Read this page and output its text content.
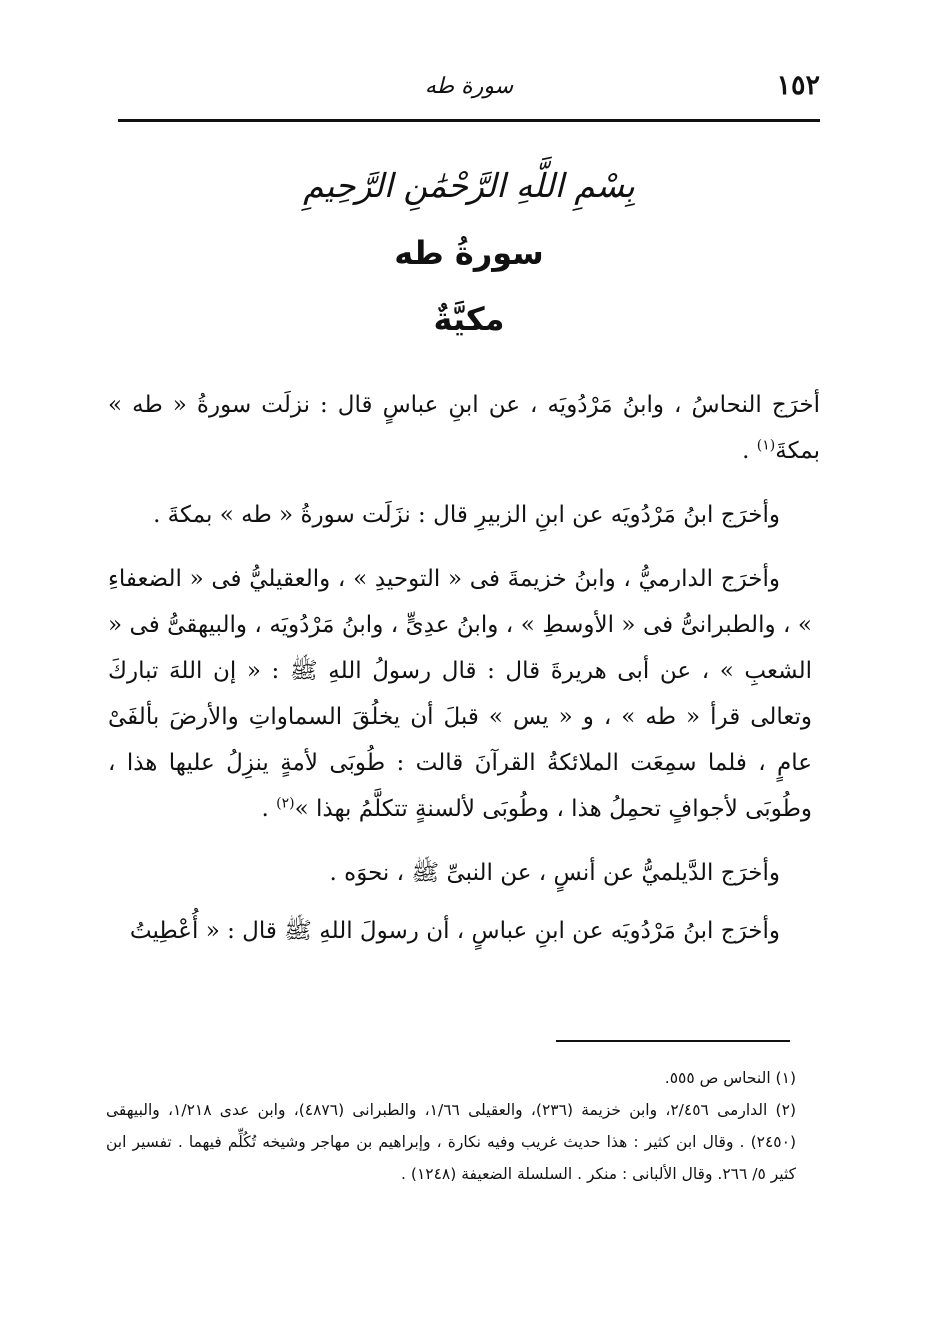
١٥٢
سورة طه
بِسْمِ اللَّهِ الرَّحْمَٰنِ الرَّحِيمِ
سورةُ طه
مكيَّةٌ

أخرَج النحاسُ ، وابنُ مَرْدُويَه ، عن ابنِ عباسٍ قال : نزلَت سورةُ « طه » بمكةَ$^{(١)}$ .

وأخرَج ابنُ مَرْدُويَه عن ابنِ الزبيرِ قال : نزَلَت سورةُ « طه » بمكةَ .

وأخرَج الدارميُّ ، وابنُ خزيمةَ فى « التوحيدِ » ، والعقيليُّ فى « الضعفاءِ » ، والطبرانىُّ فى « الأوسطِ » ، وابنُ عدِىٍّ ، وابنُ مَرْدُويَه ، والبيهقىُّ فى « الشعبِ » ، عن أبى هريرةَ قال : قال رسولُ اللهِ ﷺ : « إن اللهَ تباركَ وتعالى قرأ « طه » ، و « يس » قبلَ أن يخلُقَ السماواتِ والأرضَ بألفَىْ عامٍ ، فلما سمِعَت الملائكةُ القرآنَ قالت : طُوبَى لأمةٍ ينزِلُ عليها هذا ، وطُوبَى لأجوافٍ تحمِلُ هذا ، وطُوبَى لألسنةٍ تتكلَّمُ بهذا »$^{(٢)}$ .

وأخرَج الدَّيلميُّ عن أنسٍ ، عن النبىِّ ﷺ ، نحوَه .

وأخرَج ابنُ مَرْدُويَه عن ابنِ عباسٍ ، أن رسولَ اللهِ ﷺ قال : « أُعْطِيتُ

(١) النحاس ص ٥٥٥.

(٢) الدارمى ٢/٤٥٦، وابن خزيمة (٢٣٦)، والعقيلى ١/٦٦، والطبرانى (٤٨٧٦)، وابن عدى ١/٢١٨، والبيهقى (٢٤٥٠) . وقال ابن كثير : هذا حديث غريب وفيه نكارة ، وإبراهيم بن مهاجر وشيخه تُكُلِّم فيهما . تفسير ابن كثير ٥/ ٢٦٦. وقال الألبانى : منكر . السلسلة الضعيفة (١٢٤٨) .
